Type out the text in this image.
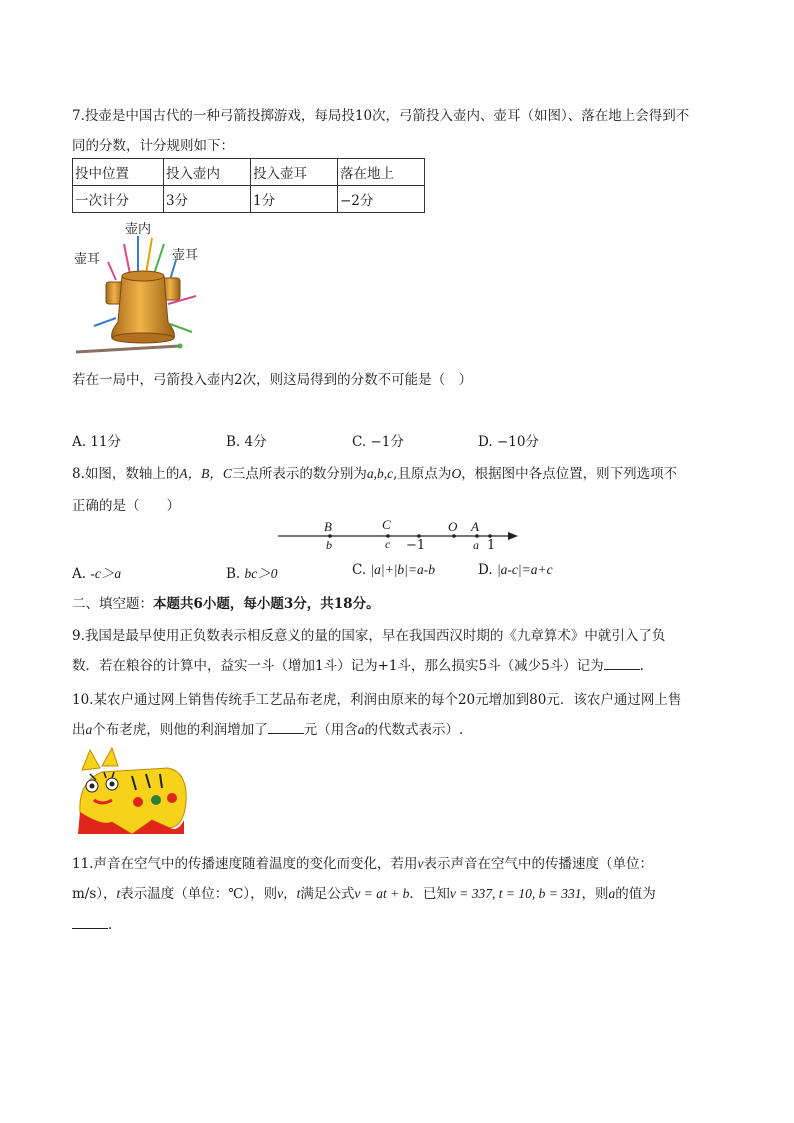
7.投壶是中国古代的一种弓箭投掷游戏，每局投10次，弓箭投入壶内、壶耳（如图）、落在地上会得到不
同的分数，计分规则如下：
投中位置	投入壶内	投入壶耳	落在地上
一次计分	3分	1分	−2分
壶内
壶耳	壶耳
若在一局中，弓箭投入壶内2次，则这局得到的分数不可能是（　）
A. 11分	B. 4分	C. −1分	D. −10分
8.如图，数轴上的A，B，C三点所表示的数分别为a,b,c,且原点为O，根据图中各点位置，则下列选项不
正确的是（　　）
B	C	O A
b	c −1	a 1
A. -c＞a	B. bc＞0	C. |a|+|b|=a-b	D. |a-c|=a+c
二、填空题：本题共6小题，每小题3分，共18分。
9.我国是最早使用正负数表示相反意义的量的国家，早在我国西汉时期的《九章算术》中就引入了负
数．若在粮谷的计算中，益实一斗（增加1斗）记为+1斗，那么损实5斗（减少5斗）记为	.
10.某农户通过网上销售传统手工艺品布老虎，利润由原来的每个20元增加到80元．该农户通过网上售
出a个布老虎，则他的利润增加了	元（用含a的代数式表示）.
11.声音在空气中的传播速度随着温度的变化而变化，若用v表示声音在空气中的传播速度（单位：
m/s），t表示温度（单位：℃），则v，t满足公式v = at + b．已知v = 337, t = 10, b = 331，则a的值为
.
